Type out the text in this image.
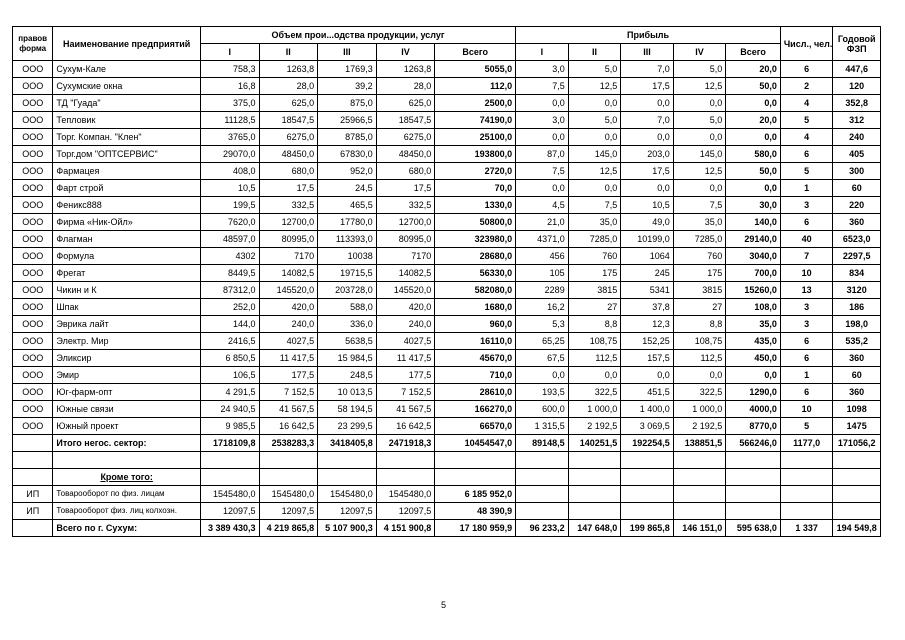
правов форма	Наименование предприятий	Объем прои...одства продукции, услуг					Прибыль					Числ., чел.	Годовой ФЗП
		I	II	III	IV	Всего	I	II	III	IV	Всего		
ООО	Сухум-Кале	758,3	1263,8	1769,3	1263,8	5055,0	3,0	5,0	7,0	5,0	20,0	6	447,6
ООО	Сухумские окна	16,8	28,0	39,2	28,0	112,0	7,5	12,5	17,5	12,5	50,0	2	120
ООО	ТД "Гуада"	375,0	625,0	875,0	625,0	2500,0	0,0	0,0	0,0	0,0	0,0	4	352,8
ООО	Тепловик	11128,5	18547,5	25966,5	18547,5	74190,0	3,0	5,0	7,0	5,0	20,0	5	312
ООО	Торг. Компан. "Клен"	3765,0	6275,0	8785,0	6275,0	25100,0	0,0	0,0	0,0	0,0	0,0	4	240
ООО	Торг.дом "ОПТСЕРВИС"	29070,0	48450,0	67830,0	48450,0	193800,0	87,0	145,0	203,0	145,0	580,0	6	405
ООО	Фармацея	408,0	680,0	952,0	680,0	2720,0	7,5	12,5	17,5	12,5	50,0	5	300
ООО	Фарт строй	10,5	17,5	24,5	17,5	70,0	0,0	0,0	0,0	0,0	0,0	1	60
ООО	Феникс888	199,5	332,5	465,5	332,5	1330,0	4,5	7,5	10,5	7,5	30,0	3	220
ООО	Фирма «Ник-Ойл»	7620,0	12700,0	17780,0	12700,0	50800,0	21,0	35,0	49,0	35,0	140,0	6	360
ООО	Флагман	48597,0	80995,0	113393,0	80995,0	323980,0	4371,0	7285,0	10199,0	7285,0	29140,0	40	6523,0
ООО	Формула	4302	7170	10038	7170	28680,0	456	760	1064	760	3040,0	7	2297,5
ООО	Фрегат	8449,5	14082,5	19715,5	14082,5	56330,0	105	175	245	175	700,0	10	834
ООО	Чикин и К	87312,0	145520,0	203728,0	145520,0	582080,0	2289	3815	5341	3815	15260,0	13	3120
ООО	Шпак	252,0	420,0	588,0	420,0	1680,0	16,2	27	37,8	27	108,0	3	186
ООО	Эврика лайт	144,0	240,0	336,0	240,0	960,0	5,3	8,8	12,3	8,8	35,0	3	198,0
ООО	Электр. Мир	2416,5	4027,5	5638,5	4027,5	16110,0	65,25	108,75	152,25	108,75	435,0	6	535,2
ООО	Эликсир	6 850,5	11 417,5	15 984,5	11 417,5	45670,0	67,5	112,5	157,5	112,5	450,0	6	360
ООО	Эмир	106,5	177,5	248,5	177,5	710,0	0,0	0,0	0,0	0,0	0,0	1	60
ООО	Юг-фарм-опт	4 291,5	7 152,5	10 013,5	7 152,5	28610,0	193,5	322,5	451,5	322,5	1290,0	6	360
ООО	Южные связи	24 940,5	41 567,5	58 194,5	41 567,5	166270,0	600,0	1 000,0	1 400,0	1 000,0	4000,0	10	1098
ООО	Южный проект	9 985,5	16 642,5	23 299,5	16 642,5	66570,0	1 315,5	2 192,5	3 069,5	2 192,5	8770,0	5	1475
	Итого негос. сектор:	1718109,8	2538283,3	3418405,8	2471918,3	10454547,0	89148,5	140251,5	192254,5	138851,5	566246,0	1177,0	171056,2

	Кроме того:												
ИП	Товарооборот по физ. лицам	1545480,0	1545480,0	1545480,0	1545480,0	6 185 952,0							
ИП	Товарооборот физ. лиц колхозн.	12097,5	12097,5	12097,5	12097,5	48 390,9							
	Всего по г. Сухум:	3 389 430,3	4 219 865,8	5 107 900,3	4 151 900,8	17 180 959,9	96 233,2	147 648,0	199 865,8	146 151,0	595 638,0	1 337	194 549,8
5
